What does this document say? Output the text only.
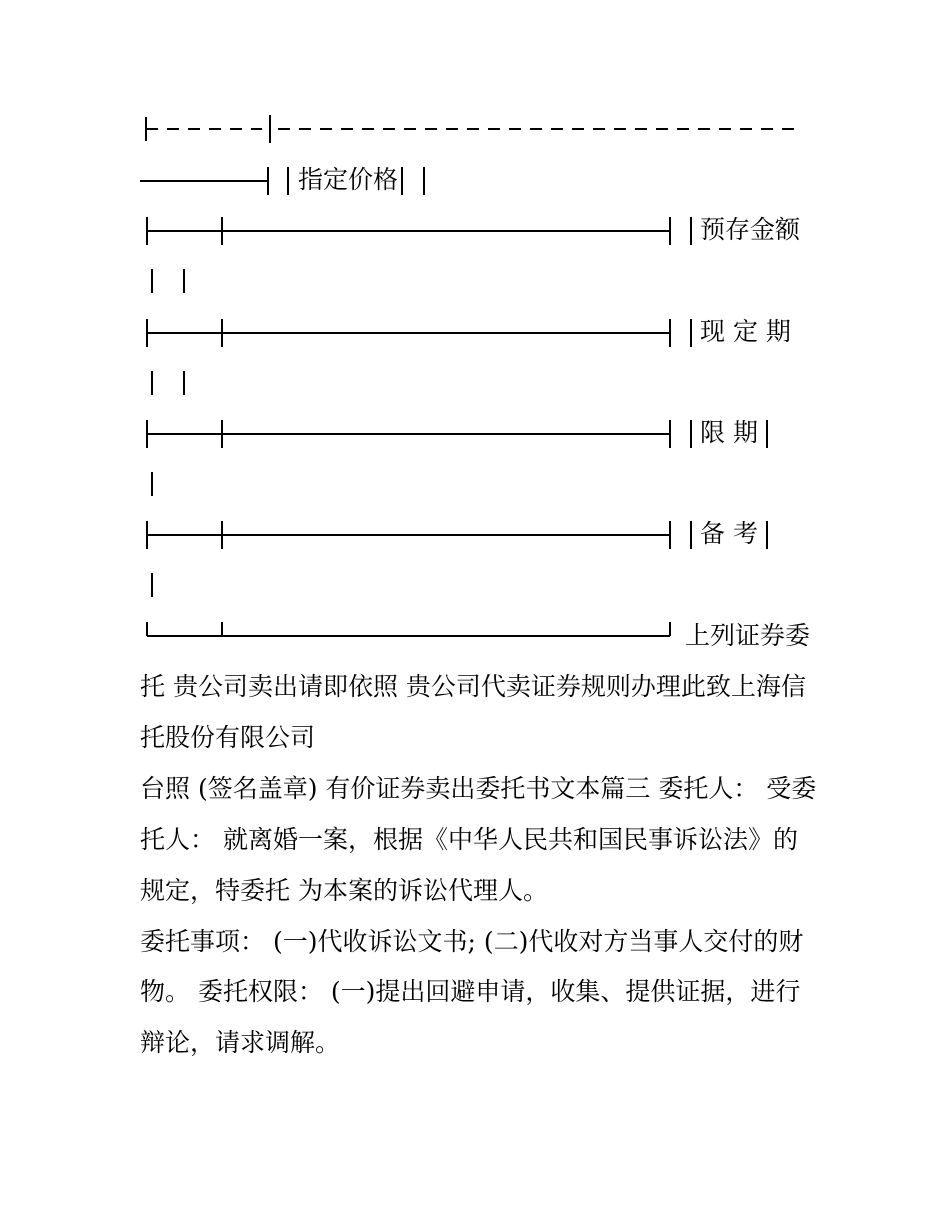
指定价格
预存金额
现 定 期
限 期
备 考
上列证券委
托 贵公司卖出请即依照 贵公司代卖证券规则办理此致上海信
托股份有限公司
台照 (签名盖章) 有价证券卖出委托书文本篇三 委托人： 受委
托人： 就离婚一案，根据《中华人民共和国民事诉讼法》的
规定，特委托 为本案的诉讼代理人。
委托事项： (一)代收诉讼文书; (二)代收对方当事人交付的财
物。 委托权限： (一)提出回避申请，收集、提供证据，进行
辩论，请求调解。
